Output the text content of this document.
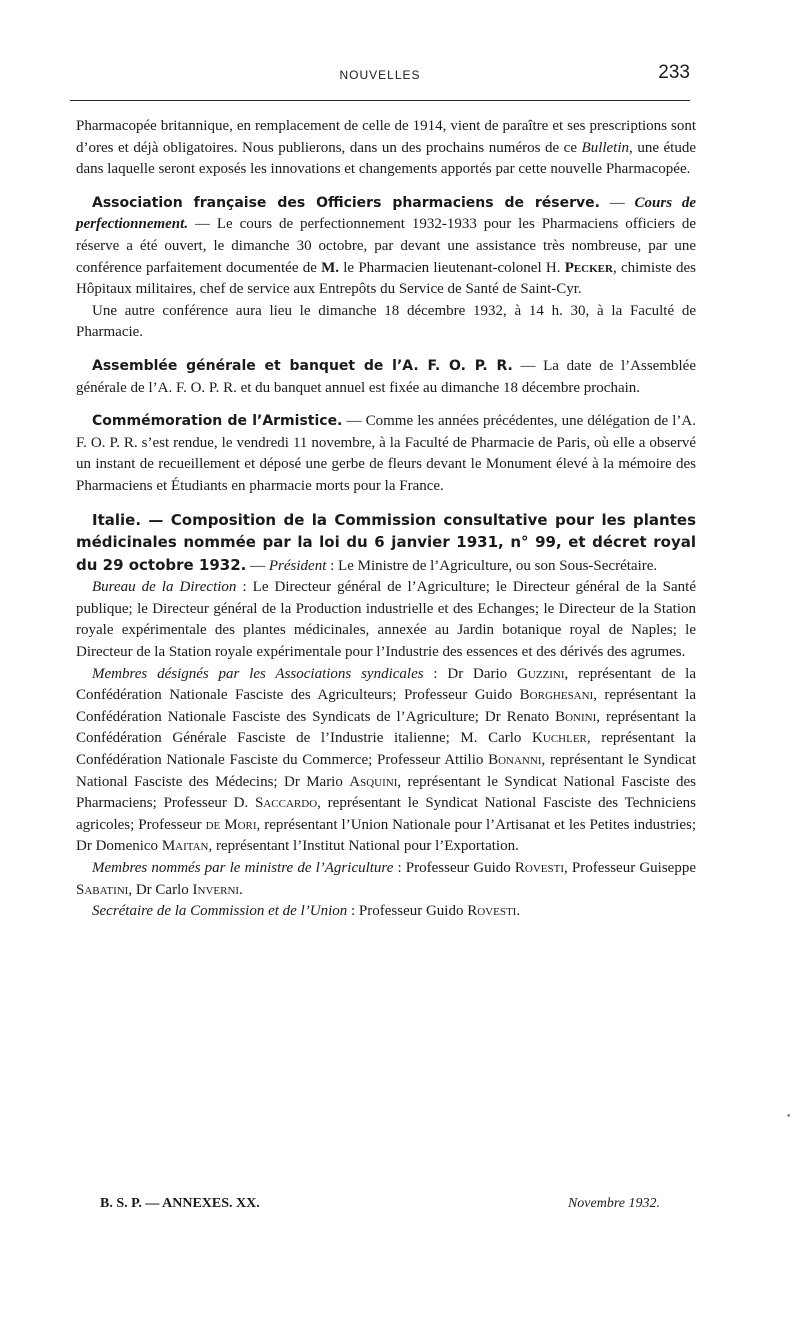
NOUVELLES	233

Pharmacopée britannique, en remplacement de celle de 1914, vient de paraître et ses prescriptions sont d’ores et déjà obligatoires. Nous publierons, dans un des prochains numéros de ce Bulletin, une étude dans laquelle seront exposés les innovations et changements apportés par cette nouvelle Pharmacopée.

Association française des Officiers pharmaciens de réserve. — Cours de perfectionnement. — Le cours de perfectionnement 1932-1933 pour les Pharmaciens officiers de réserve a été ouvert, le dimanche 30 octobre, par devant une assistance très nombreuse, par une conférence parfaitement documentée de M. le Pharmacien lieutenant-colonel H. Pecker, chimiste des Hôpitaux militaires, chef de service aux Entrepôts du Service de Santé de Saint-Cyr.

Une autre conférence aura lieu le dimanche 18 décembre 1932, à 14 h. 30, à la Faculté de Pharmacie.

Assemblée générale et banquet de l’A. F. O. P. R. — La date de l’Assemblée générale de l’A. F. O. P. R. et du banquet annuel est fixée au dimanche 18 décembre prochain.

Commémoration de l’Armistice. — Comme les années précédentes, une délégation de l’A. F. O. P. R. s’est rendue, le vendredi 11 novembre, à la Faculté de Pharmacie de Paris, où elle a observé un instant de recueillement et déposé une gerbe de fleurs devant le Monument élevé à la mémoire des Pharmaciens et Étudiants en pharmacie morts pour la France.

Italie. — Composition de la Commission consultative pour les plantes médicinales nommée par la loi du 6 janvier 1931, n° 99, et décret royal du 29 octobre 1932. — Président : Le Ministre de l’Agriculture, ou son Sous-Secrétaire.

Bureau de la Direction : Le Directeur général de l’Agriculture; le Directeur général de la Santé publique; le Directeur général de la Production industrielle et des Echanges; le Directeur de la Station royale expérimentale des plantes médicinales, annexée au Jardin botanique royal de Naples; le Directeur de la Station royale expérimentale pour l’Industrie des essences et des dérivés des agrumes.

Membres désignés par les Associations syndicales : Dr Dario Guzzini, représentant de la Confédération Nationale Fasciste des Agriculteurs; Professeur Guido Borghesani, représentant la Confédération Nationale Fasciste des Syndicats de l’Agriculture; Dr Renato Bonini, représentant la Confédération Générale Fasciste de l’Industrie italienne; M. Carlo Kuchler, représentant la Confédération Nationale Fasciste du Commerce; Professeur Attilio Bonanni, représentant le Syndicat National Fasciste des Médecins; Dr Mario Asquini, représentant le Syndicat National Fasciste des Pharmaciens; Professeur D. Saccardo, représentant le Syndicat National Fasciste des Techniciens agricoles; Professeur de Mori, représentant l’Union Nationale pour l’Artisanat et les Petites industries; Dr Domenico Maitan, représentant l’Institut National pour l’Exportation.

Membres nommés par le ministre de l’Agriculture : Professeur Guido Rovesti, Professeur Guiseppe Sabatini, Dr Carlo Inverni.

Secrétaire de la Commission et de l’Union : Professeur Guido Rovesti.

B. S. P. — ANNEXES. XX.	Novembre 1932.
•
